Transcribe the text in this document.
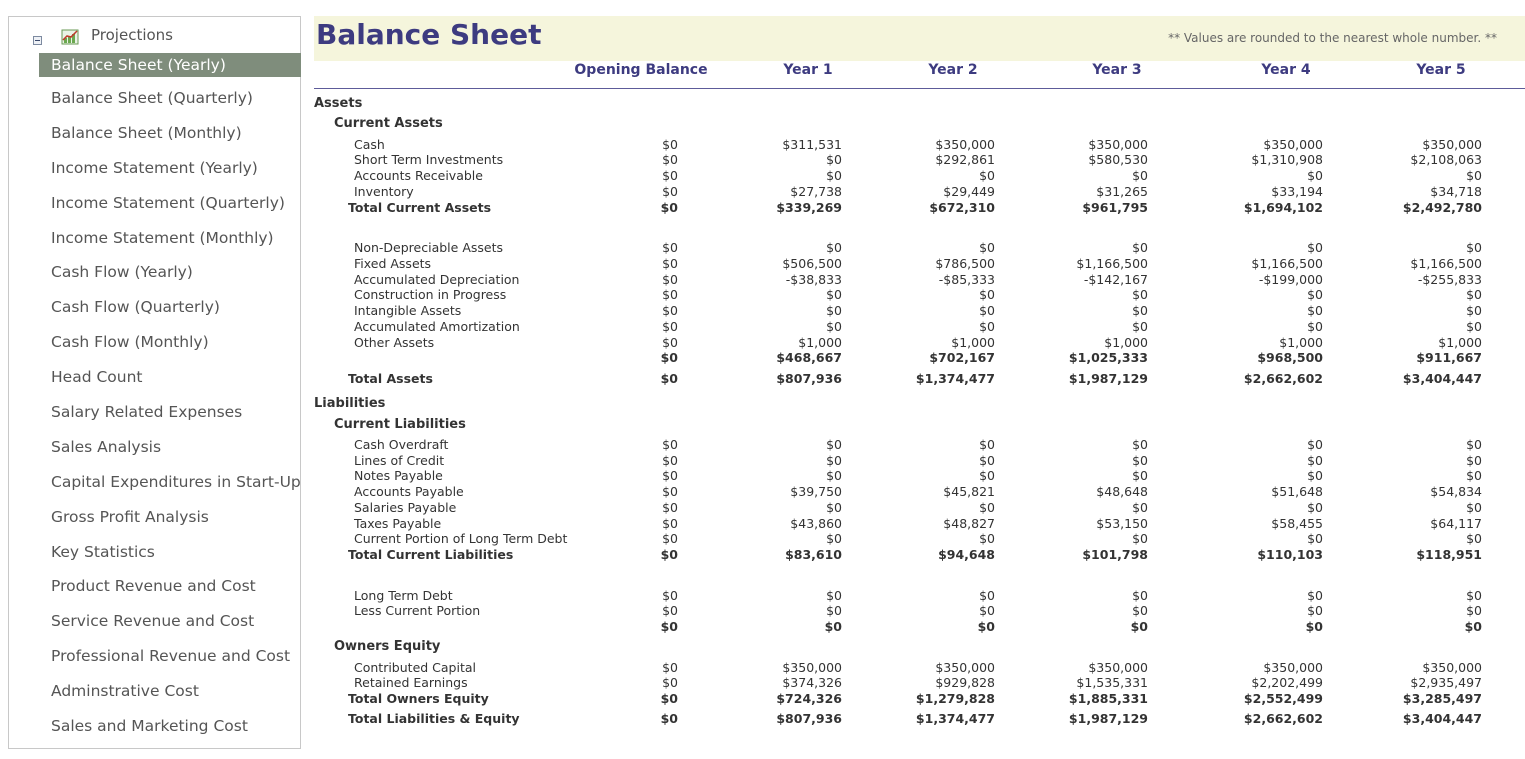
Projections
Balance Sheet (Yearly)
Balance Sheet (Quarterly)
Balance Sheet (Monthly)
Income Statement (Yearly)
Income Statement (Quarterly)
Income Statement (Monthly)
Cash Flow (Yearly)
Cash Flow (Quarterly)
Cash Flow (Monthly)
Head Count
Salary Related Expenses
Sales Analysis
Capital Expenditures in Start-Up
Gross Profit Analysis
Key Statistics
Product Revenue and Cost
Service Revenue and Cost
Professional Revenue and Cost
Adminstrative Cost
Sales and Marketing Cost
Balance Sheet	** Values are rounded to the nearest whole number. **
Opening Balance	Year 1	Year 2	Year 3	Year 4	Year 5
Assets
Current Assets
Cash	$0	$311,531	$350,000	$350,000	$350,000	$350,000
Short Term Investments	$0	$0	$292,861	$580,530	$1,310,908	$2,108,063
Accounts Receivable	$0	$0	$0	$0	$0	$0
Inventory	$0	$27,738	$29,449	$31,265	$33,194	$34,718
Total Current Assets	$0	$339,269	$672,310	$961,795	$1,694,102	$2,492,780
Non-Depreciable Assets	$0	$0	$0	$0	$0	$0
Fixed Assets	$0	$506,500	$786,500	$1,166,500	$1,166,500	$1,166,500
Accumulated Depreciation	$0	-$38,833	-$85,333	-$142,167	-$199,000	-$255,833
Construction in Progress	$0	$0	$0	$0	$0	$0
Intangible Assets	$0	$0	$0	$0	$0	$0
Accumulated Amortization	$0	$0	$0	$0	$0	$0
Other Assets	$0	$1,000	$1,000	$1,000	$1,000	$1,000
$0	$468,667	$702,167	$1,025,333	$968,500	$911,667
Total Assets	$0	$807,936	$1,374,477	$1,987,129	$2,662,602	$3,404,447
Liabilities
Current Liabilities
Cash Overdraft	$0	$0	$0	$0	$0	$0
Lines of Credit	$0	$0	$0	$0	$0	$0
Notes Payable	$0	$0	$0	$0	$0	$0
Accounts Payable	$0	$39,750	$45,821	$48,648	$51,648	$54,834
Salaries Payable	$0	$0	$0	$0	$0	$0
Taxes Payable	$0	$43,860	$48,827	$53,150	$58,455	$64,117
Current Portion of Long Term Debt	$0	$0	$0	$0	$0	$0
Total Current Liabilities	$0	$83,610	$94,648	$101,798	$110,103	$118,951
Long Term Debt	$0	$0	$0	$0	$0	$0
Less Current Portion	$0	$0	$0	$0	$0	$0
$0	$0	$0	$0	$0	$0
Owners Equity
Contributed Capital	$0	$350,000	$350,000	$350,000	$350,000	$350,000
Retained Earnings	$0	$374,326	$929,828	$1,535,331	$2,202,499	$2,935,497
Total Owners Equity	$0	$724,326	$1,279,828	$1,885,331	$2,552,499	$3,285,497
Total Liabilities & Equity	$0	$807,936	$1,374,477	$1,987,129	$2,662,602	$3,404,447
